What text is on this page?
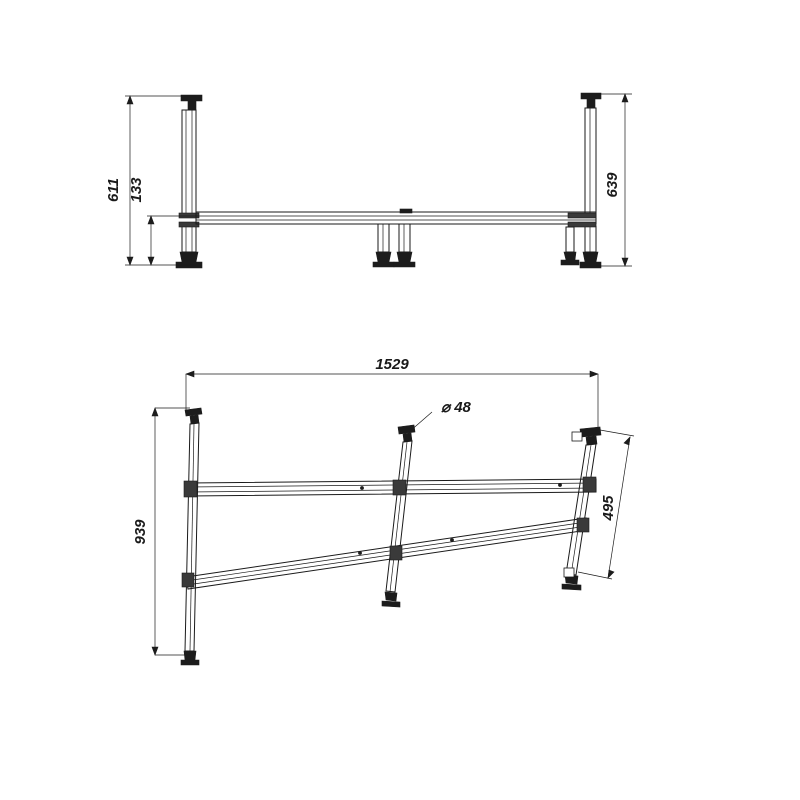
611 133	639
1529
939
495
⌀ 48
